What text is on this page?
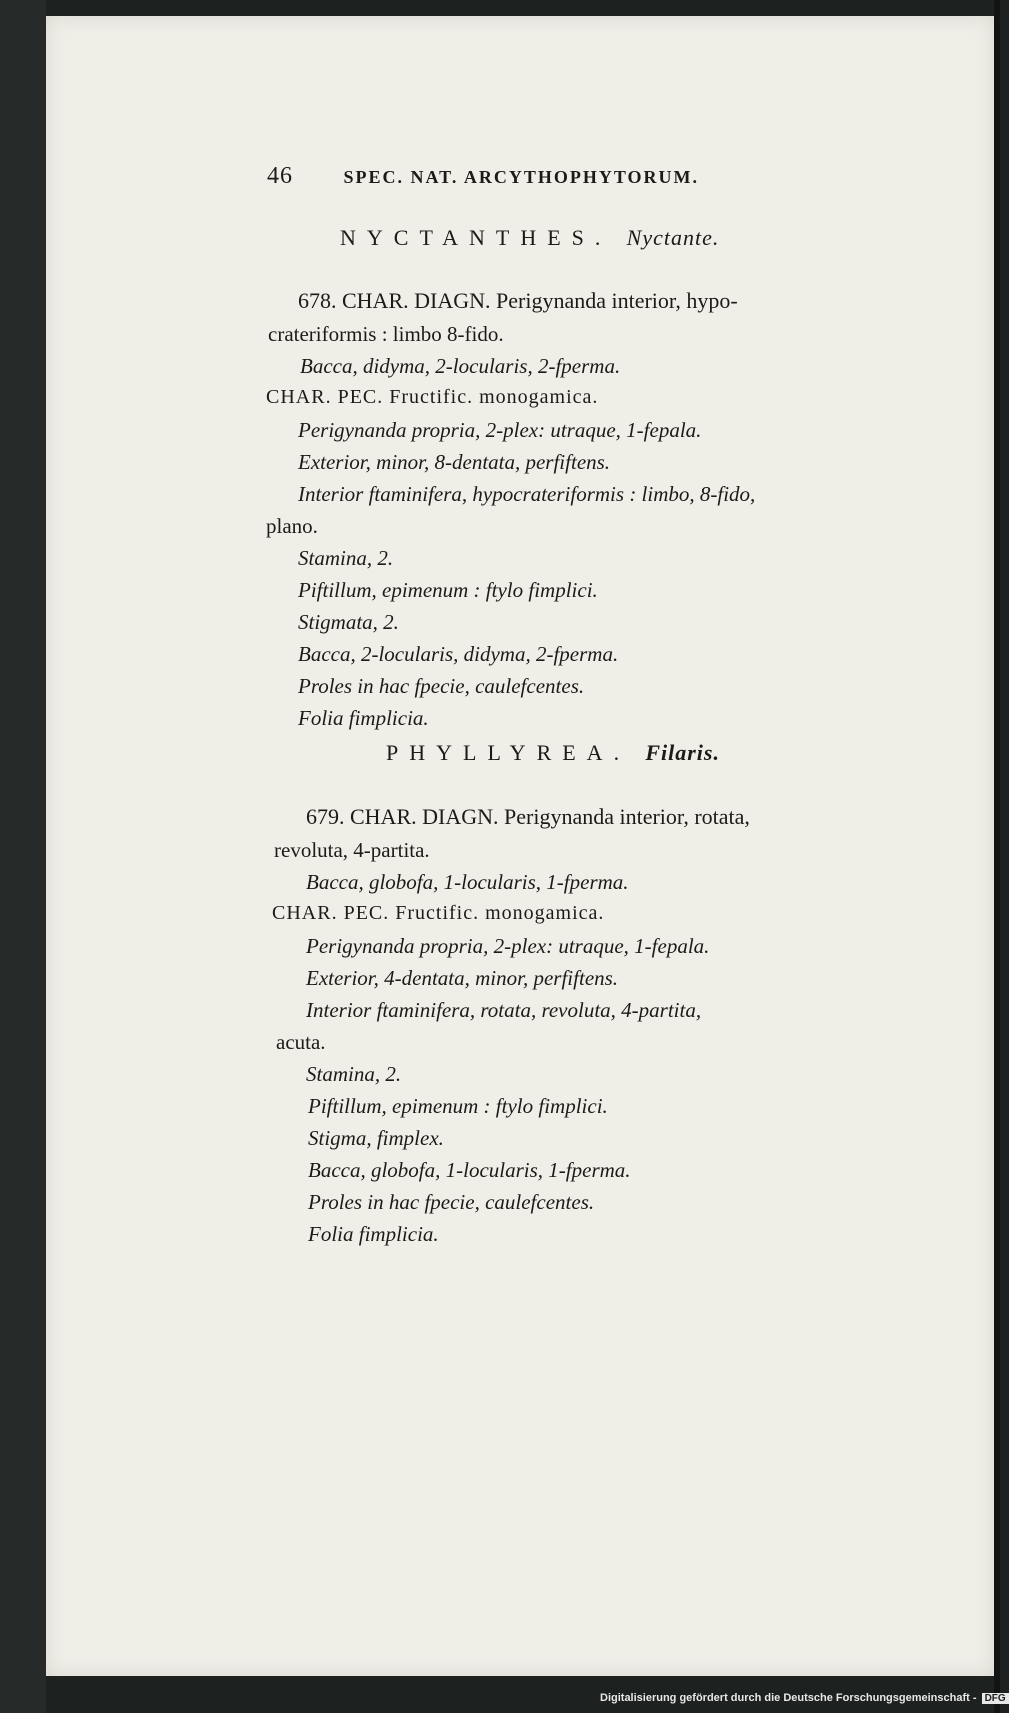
46	SPEC. NAT. ARCYTHOPHYTORUM.
NYCTANTHES. Nyctante.
678. CHAR. DIAGN. Perigynanda interior, hypo-
crateriformis : limbo 8-fido.
Bacca, didyma, 2-locularis, 2-fperma.
CHAR. PEC. Fructific. monogamica.
Perigynanda propria, 2-plex: utraque, 1-fepala.
Exterior, minor, 8-dentata, perfiftens.
Interior ftaminifera, hypocrateriformis : limbo, 8-fido,
plano.
Stamina, 2.
Piftillum, epimenum : ftylo fimplici.
Stigmata, 2.
Bacca, 2-locularis, didyma, 2-fperma.
Proles in hac fpecie, caulefcentes.
Folia fimplicia.
PHYLLYREA. Filaris.
679. CHAR. DIAGN. Perigynanda interior, rotata,
revoluta, 4-partita.
Bacca, globofa, 1-locularis, 1-fperma.
CHAR. PEC. Fructific. monogamica.
Perigynanda propria, 2-plex: utraque, 1-fepala.
Exterior, 4-dentata, minor, perfiftens.
Interior ftaminifera, rotata, revoluta, 4-partita,
acuta.
Stamina, 2.
Piftillum, epimenum : ftylo fimplici.
Stigma, fimplex.
Bacca, globofa, 1-locularis, 1-fperma.
Proles in hac fpecie, caulefcentes.
Folia fimplicia.
Digitalisierung gefördert durch die Deutsche Forschungsgemeinschaft - DFG
